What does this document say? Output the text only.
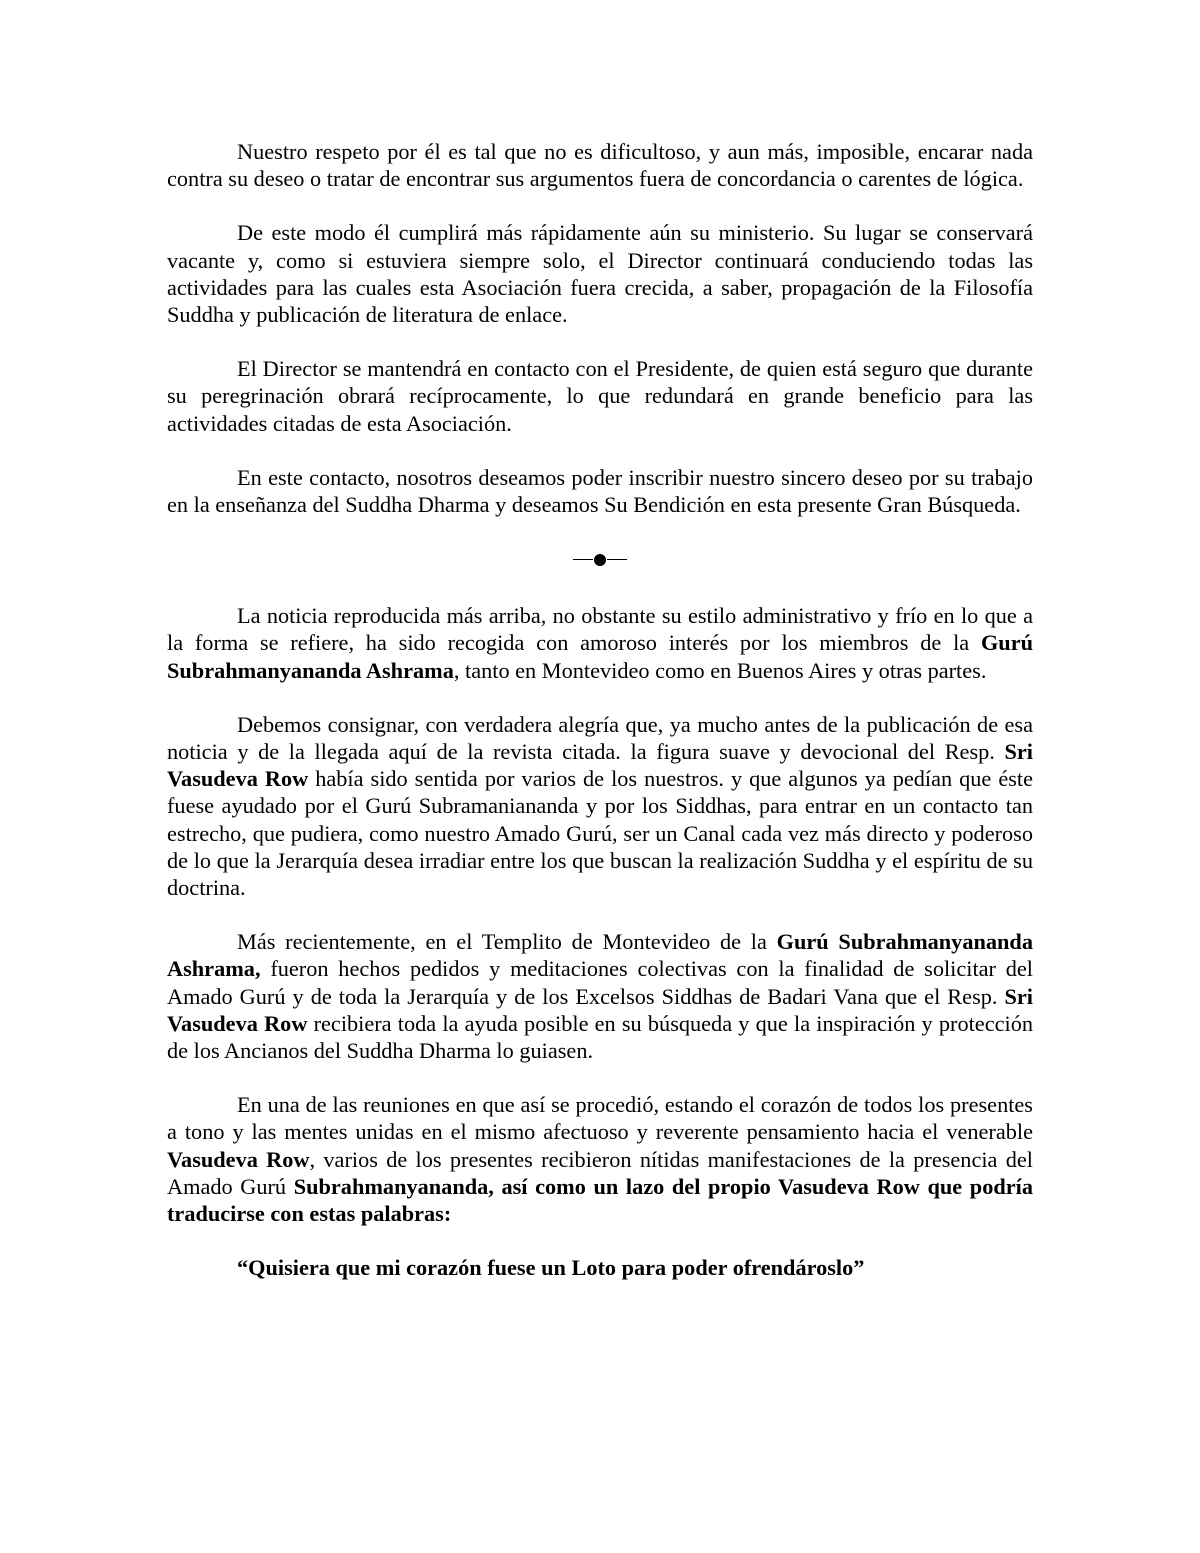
Nuestro respeto por él es tal que no es dificultoso, y aun más, imposible, encarar nada contra su deseo o tratar de encontrar sus argumentos fuera de concordancia o carentes de lógica.

De este modo él cumplirá más rápidamente aún su ministerio. Su lugar se conservará vacante y, como si estuviera siempre solo, el Director continuará conduciendo todas las actividades para las cuales esta Asociación fuera crecida, a saber, propagación de la Filosofía Suddha y publicación de literatura de enlace.

El Director se mantendrá en contacto con el Presidente, de quien está seguro que durante su peregrinación obrará recíprocamente, lo que redundará en grande beneficio para las actividades citadas de esta Asociación.

En este contacto, nosotros deseamos poder inscribir nuestro sincero deseo por su trabajo en la enseñanza del Suddha Dharma y deseamos Su Bendición en esta presente Gran Búsqueda.

La noticia reproducida más arriba, no obstante su estilo administrativo y frío en lo que a la forma se refiere, ha sido recogida con amoroso interés por los miembros de la Gurú Subrahmanyananda Ashrama, tanto en Montevideo como en Buenos Aires y otras partes.

Debemos consignar, con verdadera alegría que, ya mucho antes de la publicación de esa noticia y de la llegada aquí de la revista citada. la figura suave y devocional del Resp. Sri Vasudeva Row había sido sentida por varios de los nuestros. y que algunos ya pedían que éste fuese ayudado por el Gurú Subramaniananda y por los Siddhas, para entrar en un contacto tan estrecho, que pudiera, como nuestro Amado Gurú, ser un Canal cada vez más directo y poderoso de lo que la Jerarquía desea irradiar entre los que buscan la realización Suddha y el espíritu de su doctrina.

Más recientemente, en el Templito de Montevideo de la Gurú Subrahmanyananda Ashrama, fueron hechos pedidos y meditaciones colectivas con la finalidad de solicitar del Amado Gurú y de toda la Jerarquía y de los Excelsos Siddhas de Badari Vana que el Resp. Sri Vasudeva Row recibiera toda la ayuda posible en su búsqueda y que la inspiración y protección de los Ancianos del Suddha Dharma lo guiasen.

En una de las reuniones en que así se procedió, estando el corazón de todos los presentes a tono y las mentes unidas en el mismo afectuoso y reverente pensamiento hacia el venerable Vasudeva Row, varios de los presentes recibieron nítidas manifestaciones de la presencia del Amado Gurú Subrahmanyananda, así como un lazo del propio Vasudeva Row que podría traducirse con estas palabras:

“Quisiera que mi corazón fuese un Loto para poder ofrendároslo”
